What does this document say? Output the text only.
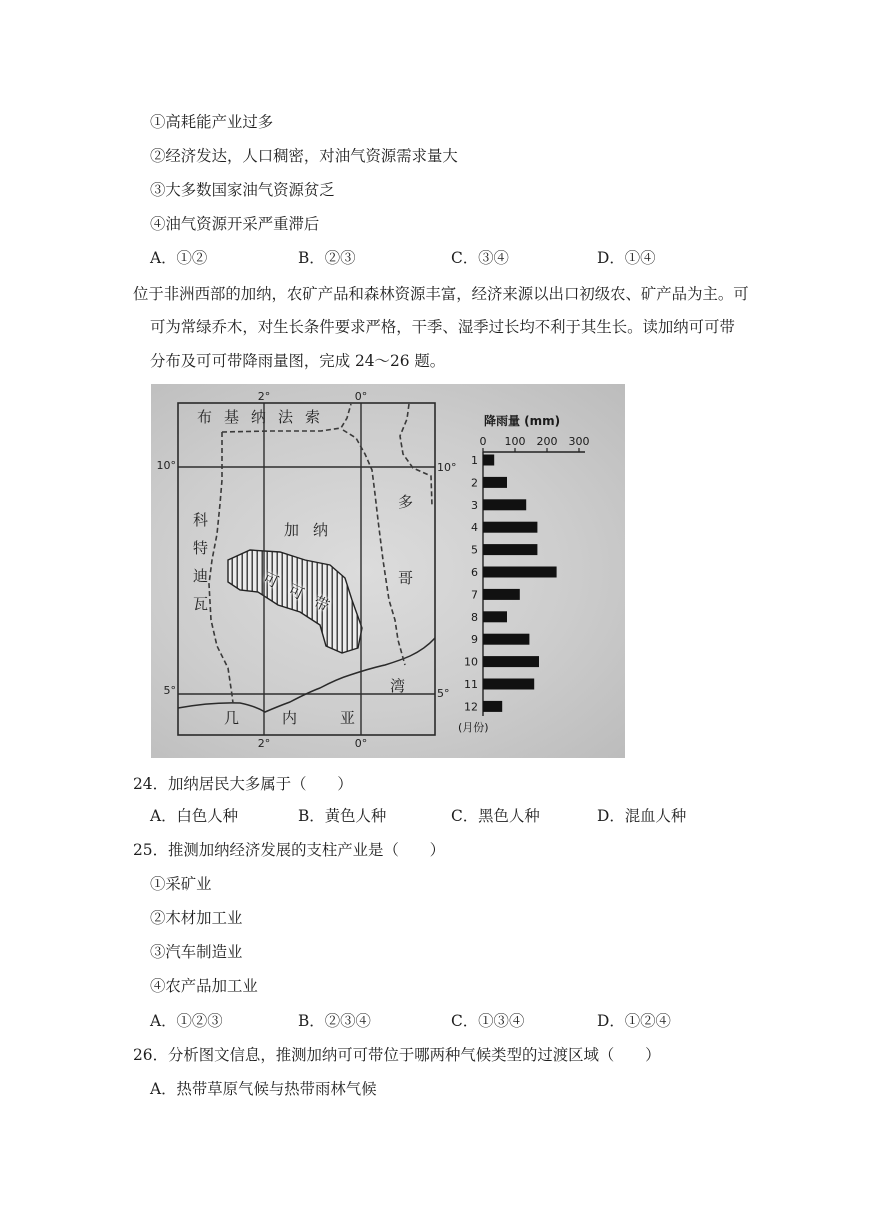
①高耗能产业过多
②经济发达，人口稠密，对油气资源需求量大
③大多数国家油气资源贫乏
④油气资源开采严重滞后
A．①②	B．②③	C．③④	D．①④
位于非洲西部的加纳，农矿产品和森林资源丰富，经济来源以出口初级农、矿产品为主。可
可为常绿乔木，对生长条件要求严格，干季、湿季过长均不利于其生长。读加纳可可带
分布及可可带降雨量图，完成 24～26 题。
2°	0°
10°	10°
5°	5°
2°	0°
降雨量 (mm)
(月份)
0 100 200 300
1
2
3
4
5
6
7
8
9
10
11
12
布基纳法索
科特迪瓦	加纳
可可带	多哥
湾
几内亚
24．加纳居民大多属于（　　）
A．白色人种	B．黄色人种	C．黑色人种	D．混血人种
25．推测加纳经济发展的支柱产业是（　　）
①采矿业
②木材加工业
③汽车制造业
④农产品加工业
A．①②③	B．②③④	C．①③④	D．①②④
26．分析图文信息，推测加纳可可带位于哪两种气候类型的过渡区域（　　）
A．热带草原气候与热带雨林气候
